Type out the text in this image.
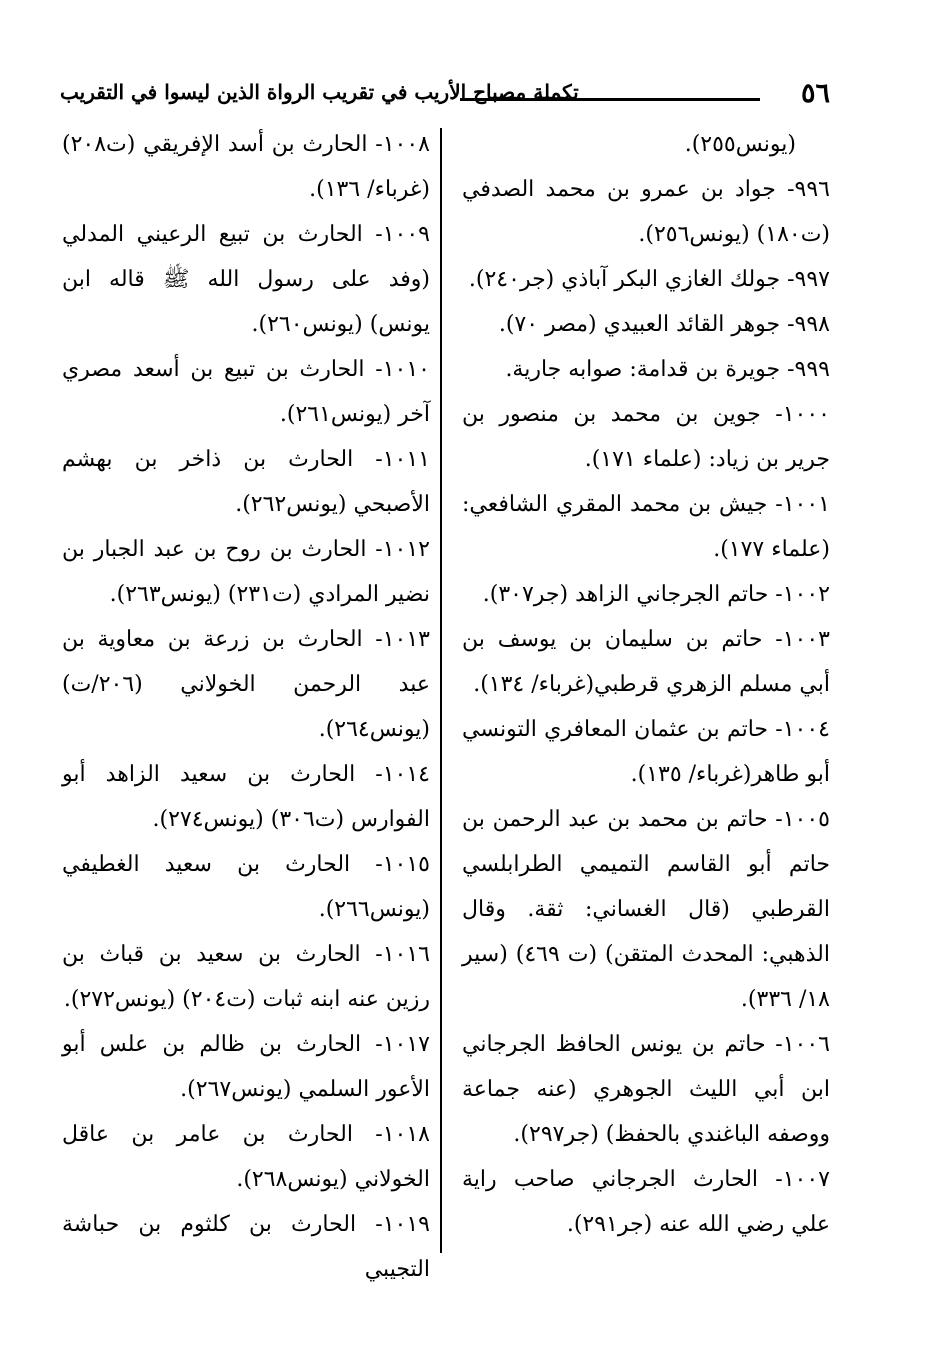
٥٦
تكملة مصباح الأريب في تقريب الرواة الذين ليسوا في التقريب

(يونس٢٥٥).

٩٩٦- جواد بن عمرو بن محمد الصدفي (ت١٨٠) (يونس٢٥٦).

٩٩٧- جولك الغازي البكر آباذي (جر٢٤٠).

٩٩٨- جوهر القائد العبيدي (مصر ٧٠).

٩٩٩- جويرة بن قدامة: صوابه جارية.

١٠٠٠- جوين بن محمد بن منصور بن جرير بن زياد: (علماء ١٧١).

١٠٠١- جيش بن محمد المقري الشافعي: (علماء ١٧٧).

١٠٠٢- حاتم الجرجاني الزاهد (جر٣٠٧).

١٠٠٣- حاتم بن سليمان بن يوسف بن أبي مسلم الزهري قرطبي(غرباء/ ١٣٤).

١٠٠٤- حاتم بن عثمان المعافري التونسي أبو طاهر(غرباء/ ١٣٥).

١٠٠٥- حاتم بن محمد بن عبد الرحمن بن حاتم أبو القاسم التميمي الطرابلسي القرطبي (قال الغساني: ثقة. وقال الذهبي: المحدث المتقن) (ت ٤٦٩) (سير ١٨/ ٣٣٦).

١٠٠٦- حاتم بن يونس الحافظ الجرجاني ابن أبي الليث الجوهري (عنه جماعة ووصفه الباغندي بالحفظ) (جر٢٩٧).

١٠٠٧- الحارث الجرجاني صاحب راية علي رضي الله عنه (جر٢٩١).

١٠٠٨- الحارث بن أسد الإفريقي (ت٢٠٨) (غرباء/ ١٣٦).

١٠٠٩- الحارث بن تبيع الرعيني المدلي (وفد على رسول الله ﷺ قاله ابن يونس) (يونس٢٦٠).

١٠١٠- الحارث بن تبيع بن أسعد مصري آخر (يونس٢٦١).

١٠١١- الحارث بن ذاخر بن بهشم الأصبحي (يونس٢٦٢).

١٠١٢- الحارث بن روح بن عبد الجبار بن نضير المرادي (ت٢٣١) (يونس٢٦٣).

١٠١٣- الحارث بن زرعة بن معاوية بن عبد الرحمن الخولاني (٢٠٦/ت) (يونس٢٦٤).

١٠١٤- الحارث بن سعيد الزاهد أبو الفوارس (ت٣٠٦) (يونس٢٧٤).

١٠١٥- الحارث بن سعيد الغطيفي (يونس٢٦٦).

١٠١٦- الحارث بن سعيد بن قباث بن رزين عنه ابنه ثبات (ت٢٠٤) (يونس٢٧٢).

١٠١٧- الحارث بن ظالم بن علس أبو الأعور السلمي (يونس٢٦٧).

١٠١٨- الحارث بن عامر بن عاقل الخولاني (يونس٢٦٨).

١٠١٩- الحارث بن كلثوم بن حباشة التجيبي
